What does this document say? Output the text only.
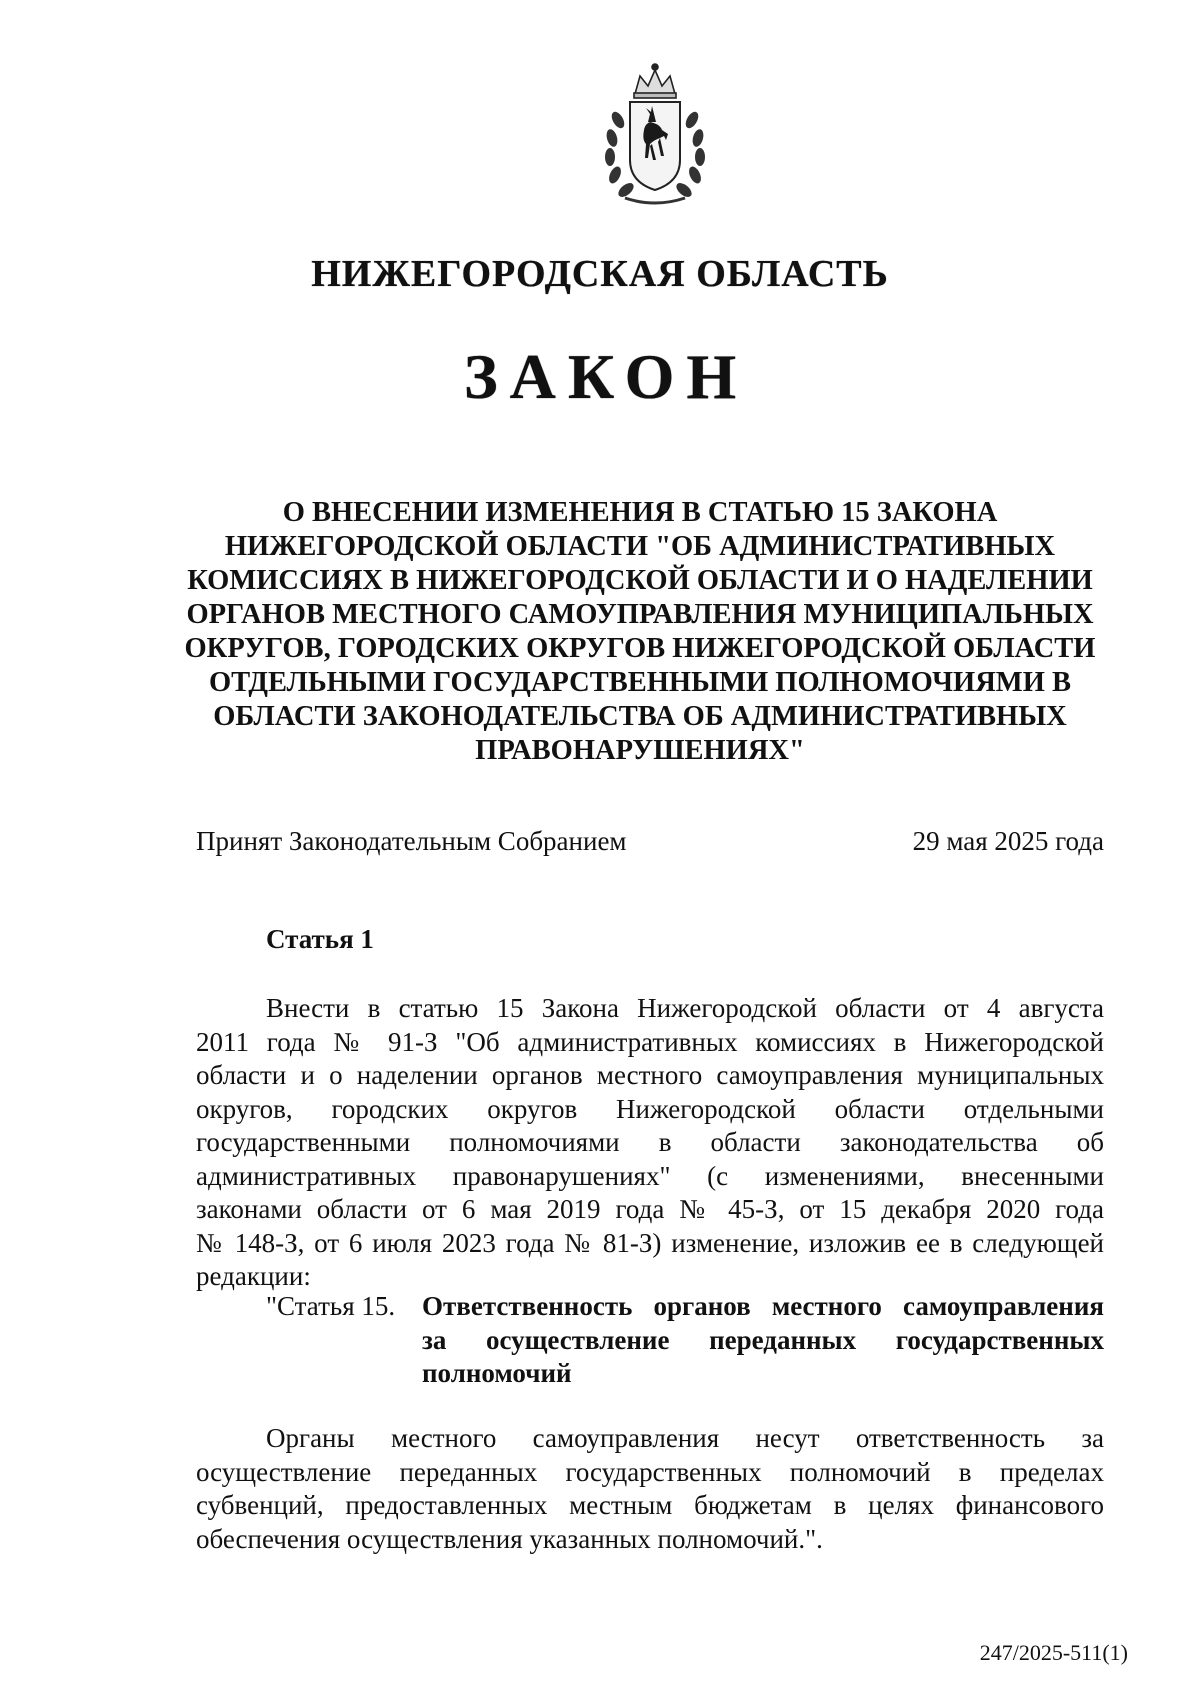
НИЖЕГОРОДСКАЯ ОБЛАСТЬ
ЗАКОН
О ВНЕСЕНИИ ИЗМЕНЕНИЯ В СТАТЬЮ 15 ЗАКОНА
НИЖЕГОРОДСКОЙ ОБЛАСТИ "ОБ АДМИНИСТРАТИВНЫХ
КОМИССИЯХ В НИЖЕГОРОДСКОЙ ОБЛАСТИ И О НАДЕЛЕНИИ
ОРГАНОВ МЕСТНОГО САМОУПРАВЛЕНИЯ МУНИЦИПАЛЬНЫХ
ОКРУГОВ, ГОРОДСКИХ ОКРУГОВ НИЖЕГОРОДСКОЙ ОБЛАСТИ
ОТДЕЛЬНЫМИ ГОСУДАРСТВЕННЫМИ ПОЛНОМОЧИЯМИ В
ОБЛАСТИ ЗАКОНОДАТЕЛЬСТВА ОБ АДМИНИСТРАТИВНЫХ
ПРАВОНАРУШЕНИЯХ"
Принят Законодательным Собранием	29 мая 2025 года
Статья 1
Внести в статью 15 Закона Нижегородской области от 4 августа
2011 года № 91-З "Об административных комиссиях в Нижегородской
области и о наделении органов местного самоуправления муниципальных
округов, городских округов Нижегородской области отдельными
государственными полномочиями в области законодательства об
административных правонарушениях" (с изменениями, внесенными
законами области от 6 мая 2019 года № 45-З, от 15 декабря 2020 года
№ 148-З, от 6 июля 2023 года № 81-З) изменение, изложив ее в следующей
редакции:
"Статья 15. Ответственность органов местного самоуправления
за осуществление переданных государственных
полномочий
Органы местного самоуправления несут ответственность за
осуществление переданных государственных полномочий в пределах
субвенций, предоставленных местным бюджетам в целях финансового
обеспечения осуществления указанных полномочий.".
247/2025-511(1)
